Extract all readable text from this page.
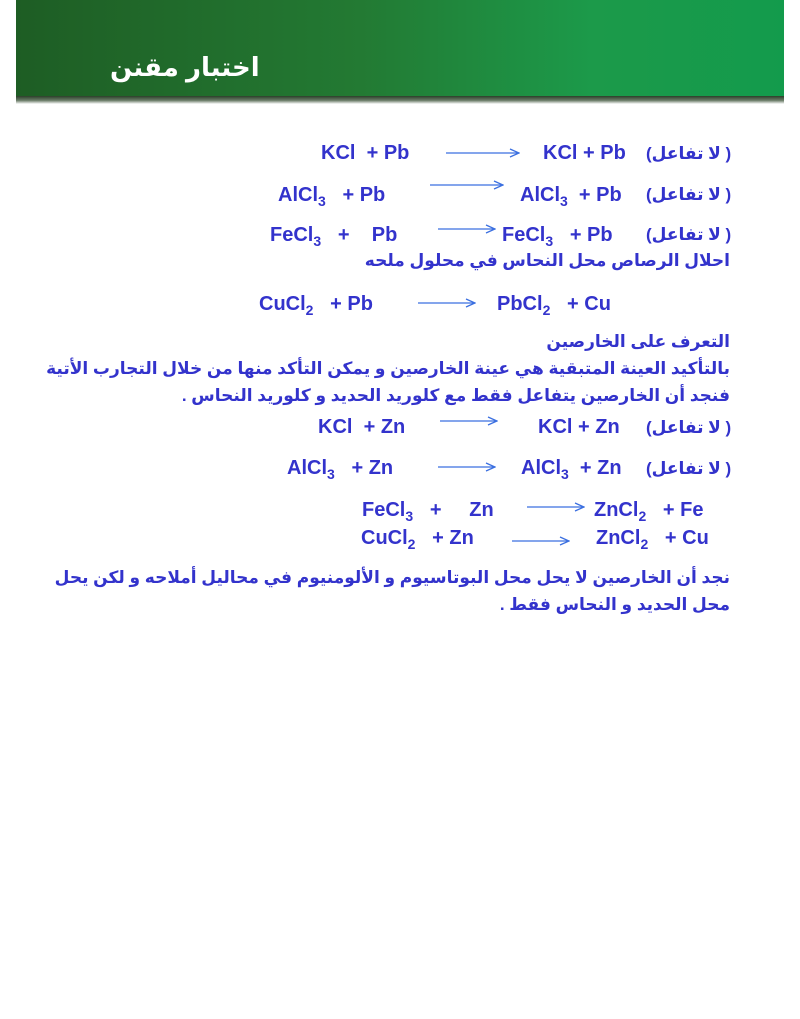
اختبار مقنن
KCl + Pb	KCl + Pb ( لا تفاعل)
AlCl$_3$ + Pb	AlCl$_3$ + Pb ( لا تفاعل)
FeCl$_3$ + Pb	→ FeCl$_3$ + Pb ( لا تفاعل)
احلال الرصاص محل النحاس في محلول ملحه
CuCl$_2$ + Pb	→ PbCl$_2$ + Cu
التعرف على الخارصين
بالتأكيد العينة المتبقية هي عينة الخارصين و يمكن التأكد منها من خلال التجارب الأتية
فنجد أن الخارصين يتفاعل فقط مع كلوريد الحديد و كلوريد النحاس .
KCl + Zn	KCl + Zn ( لا تفاعل)
AlCl$_3$ + Zn	AlCl$_3$ + Zn ( لا تفاعل)
FeCl$_3$ + Zn → ZnCl$_2$ + Fe
CuCl$_2$ + Zn	ZnCl$_2$ + Cu
نجد أن الخارصين لا يحل محل البوتاسيوم و الألومنيوم في محاليل أملاحه و لكن يحل
محل الحديد و النحاس فقط .
